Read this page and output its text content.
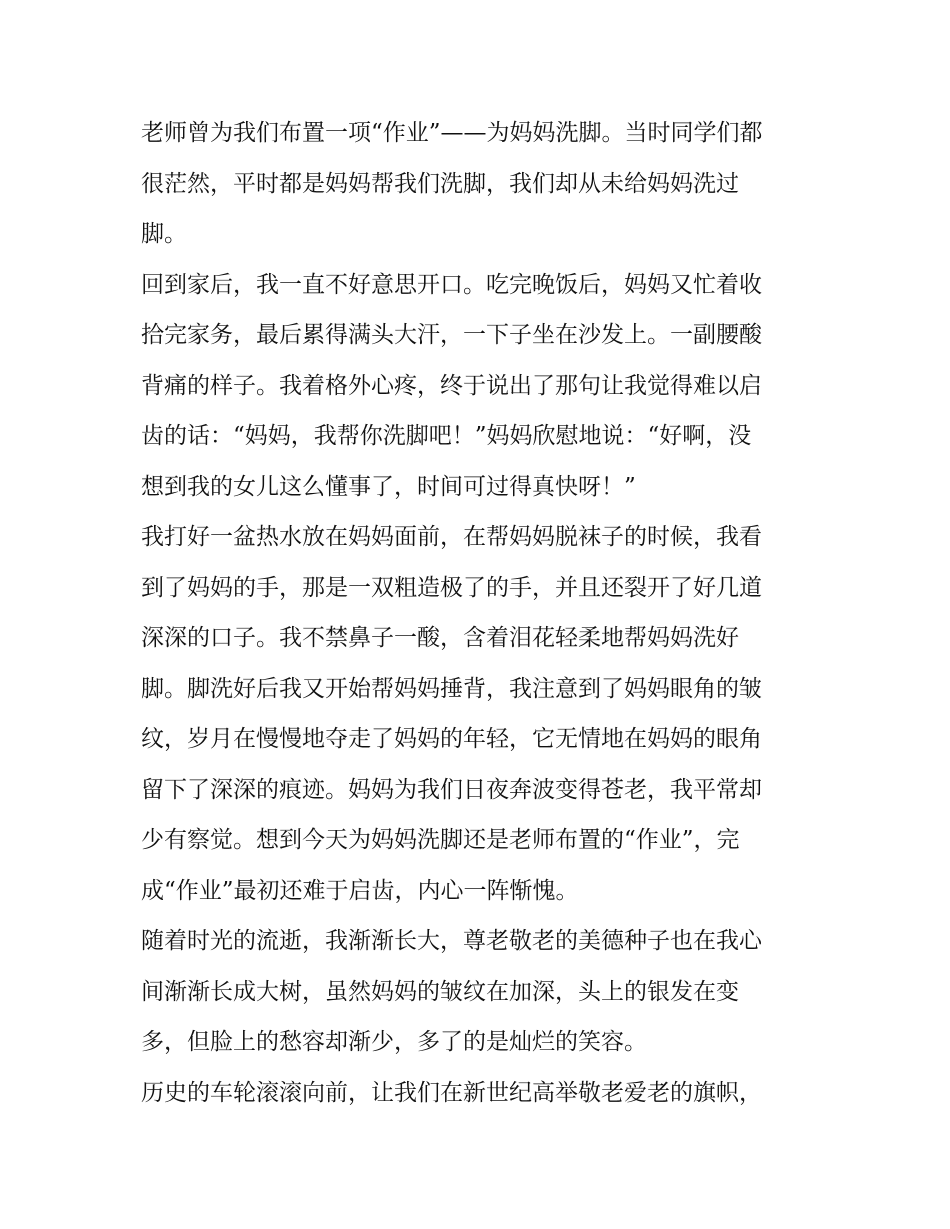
老师曾为我们布置一项“作业”——为妈妈洗脚。当时同学们都
很茫然，平时都是妈妈帮我们洗脚，我们却从未给妈妈洗过
脚。
回到家后，我一直不好意思开口。吃完晚饭后，妈妈又忙着收
拾完家务，最后累得满头大汗，一下子坐在沙发上。一副腰酸
背痛的样子。我着格外心疼，终于说出了那句让我觉得难以启
齿的话：“妈妈，我帮你洗脚吧！”妈妈欣慰地说：“好啊，没
想到我的女儿这么懂事了，时间可过得真快呀！”
我打好一盆热水放在妈妈面前，在帮妈妈脱袜子的时候，我看
到了妈妈的手，那是一双粗造极了的手，并且还裂开了好几道
深深的口子。我不禁鼻子一酸，含着泪花轻柔地帮妈妈洗好
脚。脚洗好后我又开始帮妈妈捶背，我注意到了妈妈眼角的皱
纹，岁月在慢慢地夺走了妈妈的年轻，它无情地在妈妈的眼角
留下了深深的痕迹。妈妈为我们日夜奔波变得苍老，我平常却
少有察觉。想到今天为妈妈洗脚还是老师布置的“作业”，完
成“作业”最初还难于启齿，内心一阵惭愧。
随着时光的流逝，我渐渐长大，尊老敬老的美德种子也在我心
间渐渐长成大树，虽然妈妈的皱纹在加深，头上的银发在变
多，但脸上的愁容却渐少，多了的是灿烂的笑容。
历史的车轮滚滚向前，让我们在新世纪高举敬老爱老的旗帜，
